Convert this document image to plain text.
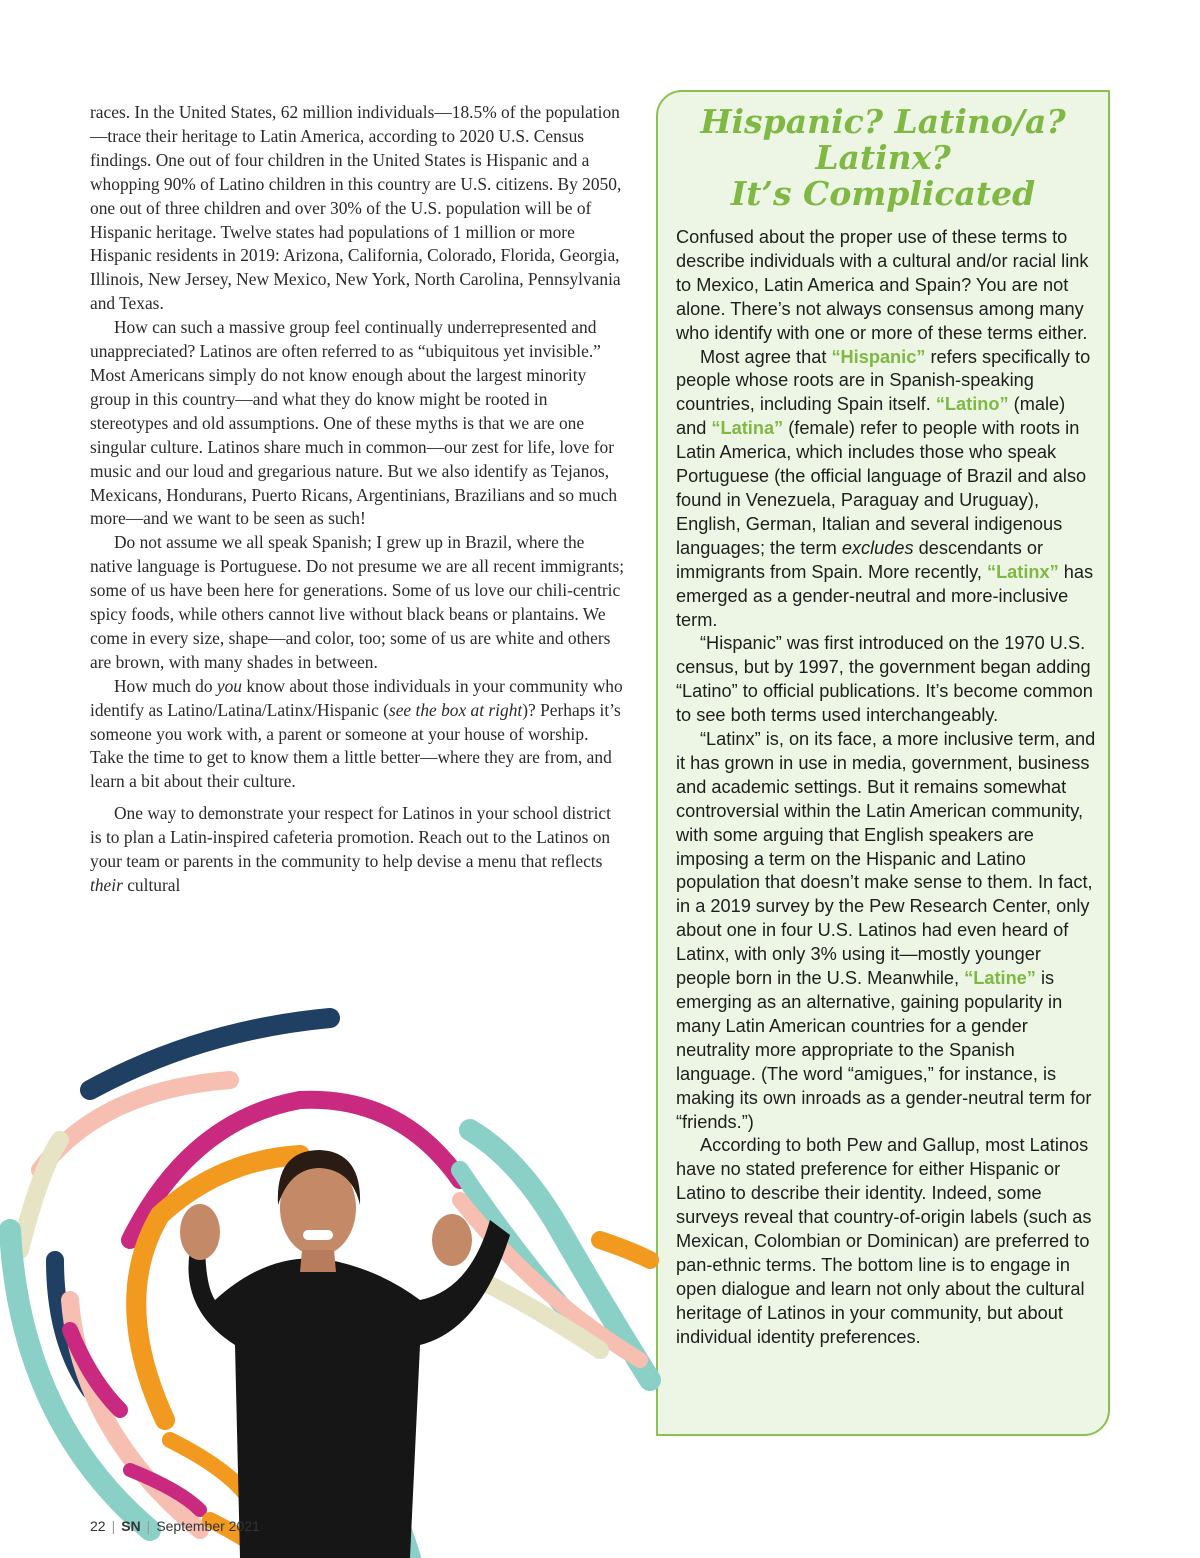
races. In the United States, 62 million individuals—18.5% of the population—trace their heritage to Latin America, according to 2020 U.S. Census findings. One out of four children in the United States is Hispanic and a whopping 90% of Latino children in this country are U.S. citizens. By 2050, one out of three children and over 30% of the U.S. population will be of Hispanic heritage. Twelve states had populations of 1 million or more Hispanic residents in 2019: Arizona, California, Colorado, Florida, Georgia, Illinois, New Jersey, New Mexico, New York, North Carolina, Pennsylvania and Texas.

How can such a massive group feel continually underrepresented and unappreciated? Latinos are often referred to as “ubiquitous yet invisible.” Most Americans simply do not know enough about the largest minority group in this country—and what they do know might be rooted in stereotypes and old assumptions. One of these myths is that we are one singular culture. Latinos share much in common—our zest for life, love for music and our loud and gregarious nature. But we also identify as Tejanos, Mexicans, Hondurans, Puerto Ricans, Argentinians, Brazilians and so much more—and we want to be seen as such!

Do not assume we all speak Spanish; I grew up in Brazil, where the native language is Portuguese. Do not presume we are all recent immigrants; some of us have been here for generations. Some of us love our chili-centric spicy foods, while others cannot live without black beans or plantains. We come in every size, shape—and color, too; some of us are white and others are brown, with many shades in between.

How much do you know about those individuals in your community who identify as Latino/Latina/Latinx/Hispanic (see the box at right)? Perhaps it’s someone you work with, a parent or someone at your house of worship. Take the time to get to know them a little better—where they are from, and learn a bit about their culture.

One way to demonstrate your respect for Latinos in your school district is to plan a Latin-inspired cafeteria promotion. Reach out to the Latinos on your team or parents in the community to help devise a menu that reflects their cultural

Hispanic? Latino/a?
Latinx?
It’s Complicated

Confused about the proper use of these terms to describe individuals with a cultural and/or racial link to Mexico, Latin America and Spain? You are not alone. There’s not always consensus among many who identify with one or more of these terms either.

Most agree that “Hispanic” refers specifically to people whose roots are in Spanish-speaking countries, including Spain itself. “Latino” (male) and “Latina” (female) refer to people with roots in Latin America, which includes those who speak Portuguese (the official language of Brazil and also found in Venezuela, Paraguay and Uruguay), English, German, Italian and several indigenous languages; the term excludes descendants or immigrants from Spain. More recently, “Latinx” has emerged as a gender-neutral and more-inclusive term.

“Hispanic” was first introduced on the 1970 U.S. census, but by 1997, the government began adding “Latino” to official publications. It’s become common to see both terms used interchangeably.

“Latinx” is, on its face, a more inclusive term, and it has grown in use in media, government, business and academic settings. But it remains somewhat controversial within the Latin American community, with some arguing that English speakers are imposing a term on the Hispanic and Latino population that doesn’t make sense to them. In fact, in a 2019 survey by the Pew Research Center, only about one in four U.S. Latinos had even heard of Latinx, with only 3% using it—mostly younger people born in the U.S. Meanwhile, “Latine” is emerging as an alternative, gaining popularity in many Latin American countries for a gender neutrality more appropriate to the Spanish language. (The word “amigues,” for instance, is making its own inroads as a gender-neutral term for “friends.”)

According to both Pew and Gallup, most Latinos have no stated preference for either Hispanic or Latino to describe their identity. Indeed, some surveys reveal that country-of-origin labels (such as Mexican, Colombian or Dominican) are preferred to pan-ethnic terms. The bottom line is to engage in open dialogue and learn not only about the cultural heritage of Latinos in your community, but about individual identity preferences.

22 | SN | September 2021
